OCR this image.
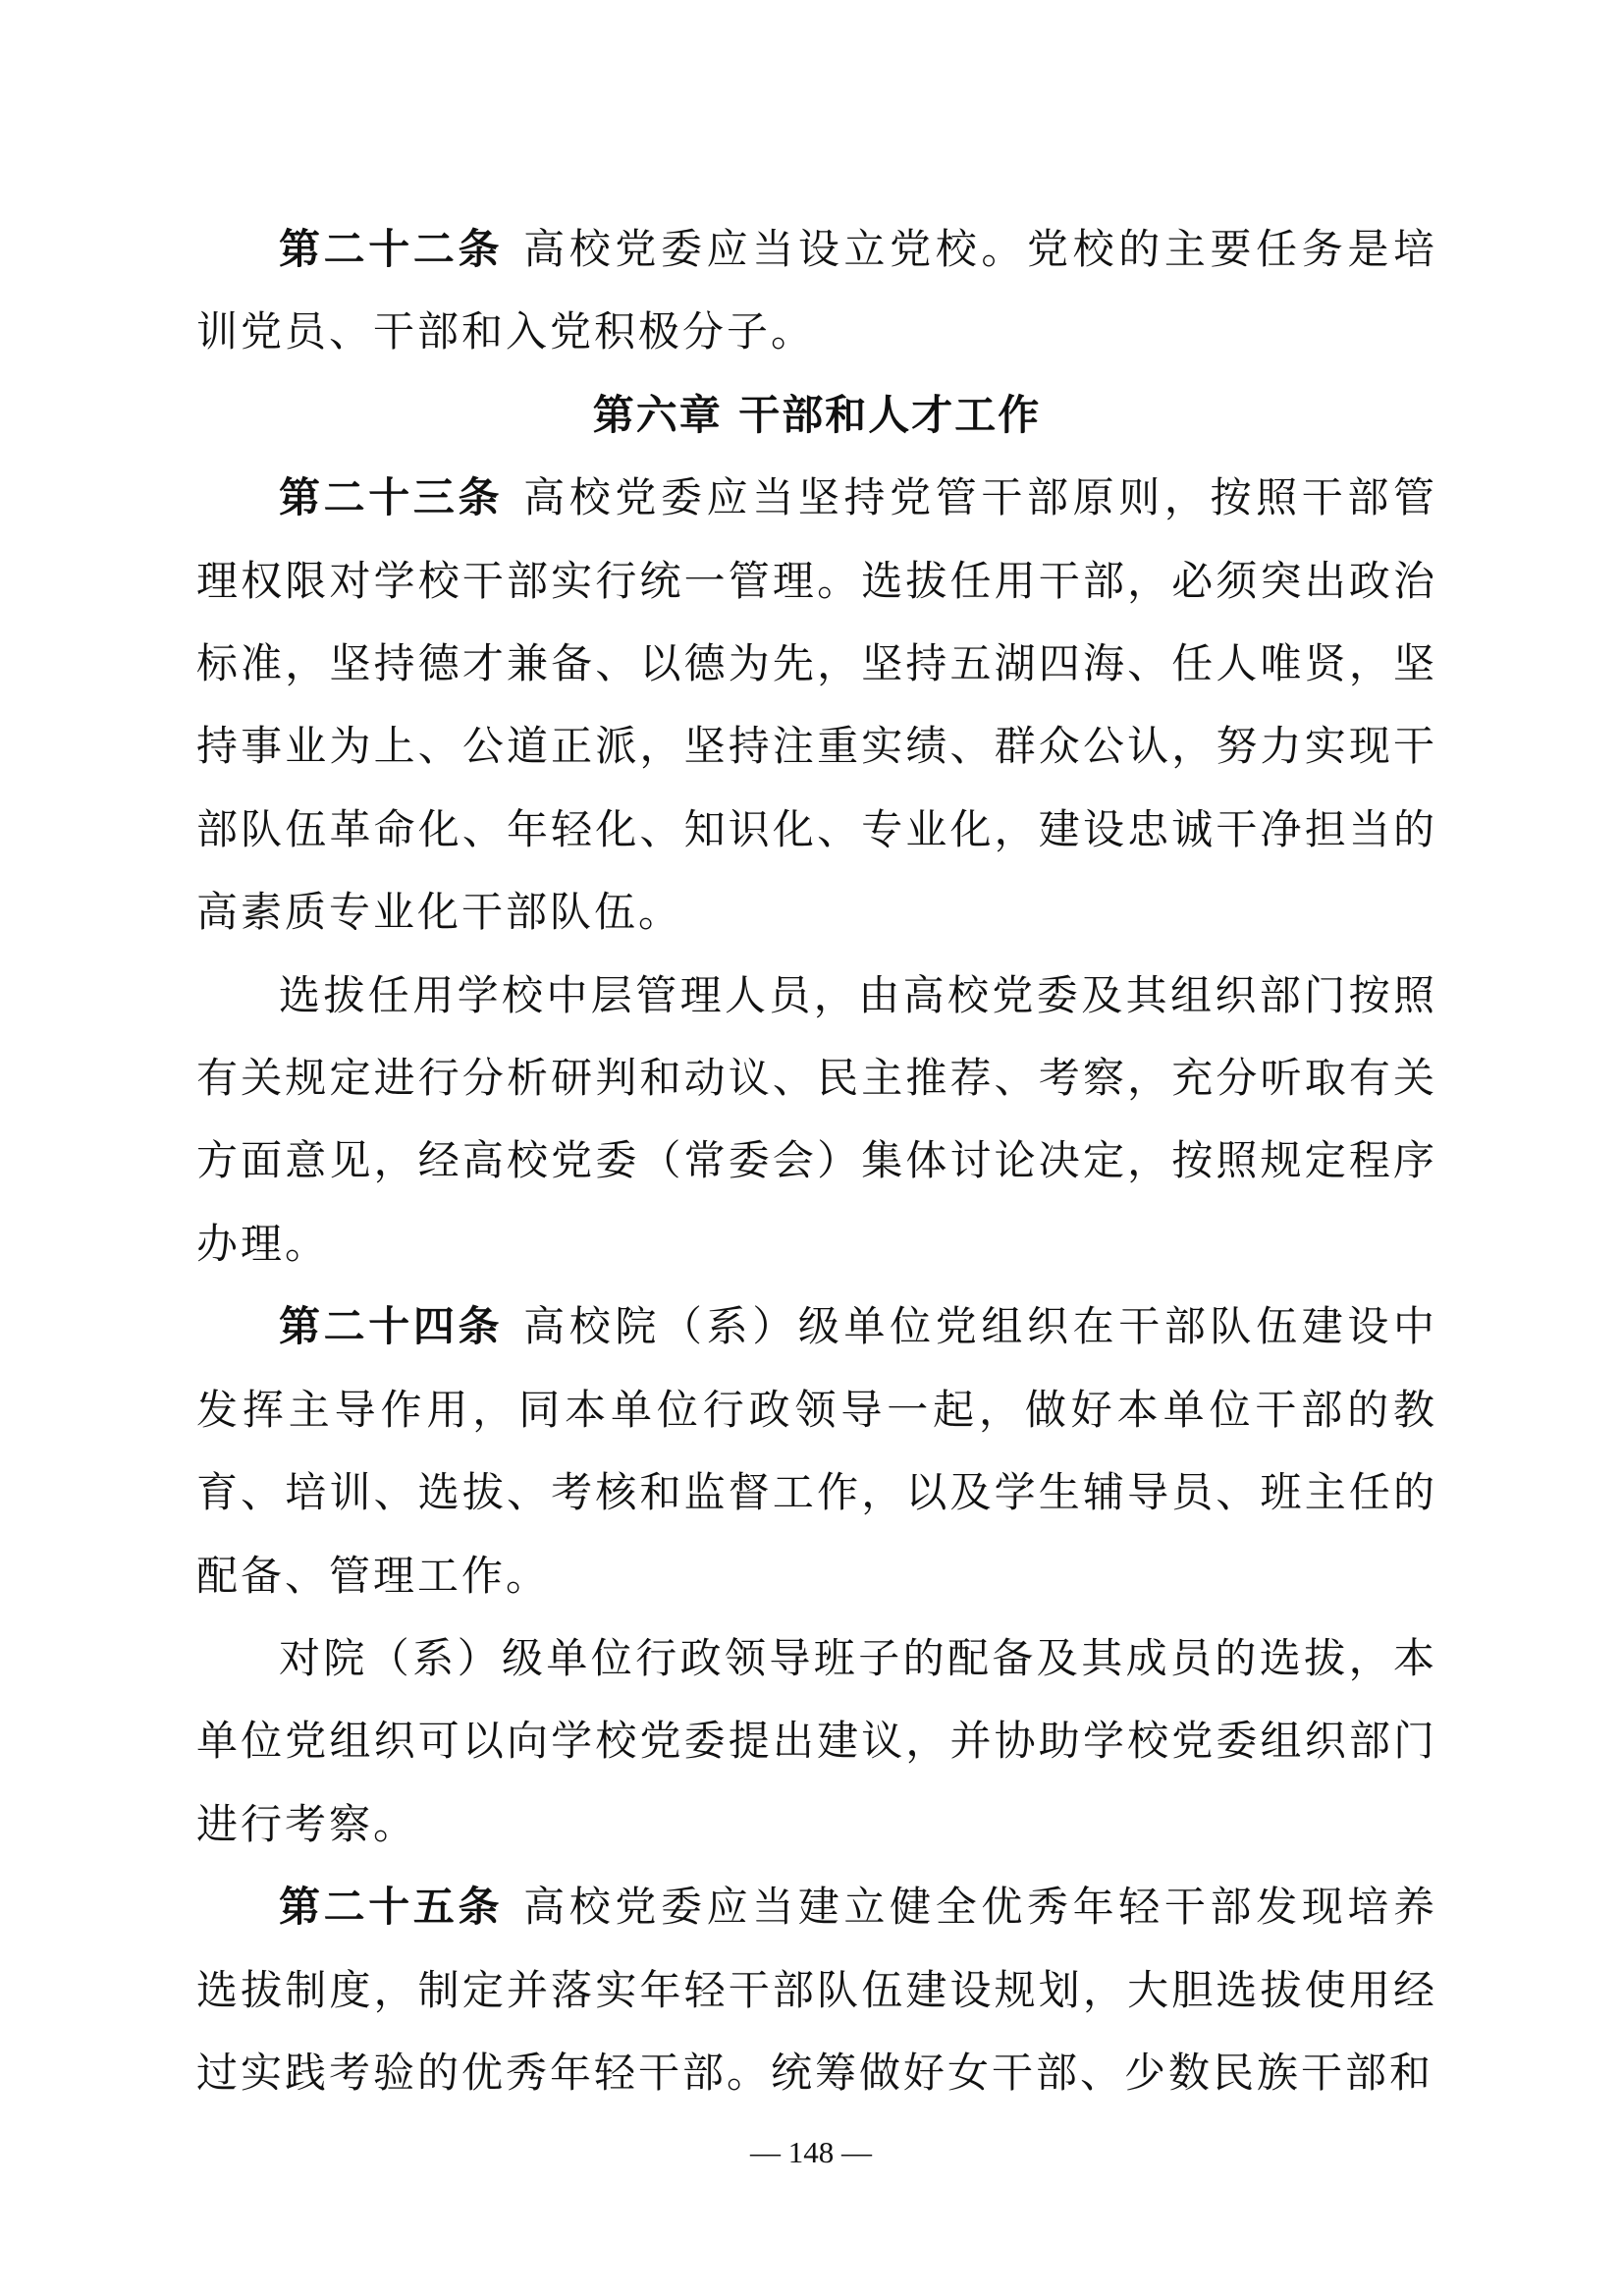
第二十二条 高校党委应当设立党校。党校的主要任务是培训党员、干部和入党积极分子。

第六章 干部和人才工作

第二十三条 高校党委应当坚持党管干部原则，按照干部管理权限对学校干部实行统一管理。选拔任用干部，必须突出政治标准，坚持德才兼备、以德为先，坚持五湖四海、任人唯贤，坚持事业为上、公道正派，坚持注重实绩、群众公认，努力实现干部队伍革命化、年轻化、知识化、专业化，建设忠诚干净担当的高素质专业化干部队伍。

选拔任用学校中层管理人员，由高校党委及其组织部门按照有关规定进行分析研判和动议、民主推荐、考察，充分听取有关方面意见，经高校党委（常委会）集体讨论决定，按照规定程序办理。

第二十四条 高校院（系）级单位党组织在干部队伍建设中发挥主导作用，同本单位行政领导一起，做好本单位干部的教育、培训、选拔、考核和监督工作，以及学生辅导员、班主任的配备、管理工作。

对院（系）级单位行政领导班子的配备及其成员的选拔，本单位党组织可以向学校党委提出建议，并协助学校党委组织部门进行考察。

第二十五条 高校党委应当建立健全优秀年轻干部发现培养选拔制度，制定并落实年轻干部队伍建设规划，大胆选拔使用经过实践考验的优秀年轻干部。统筹做好女干部、少数民族干部和

— 148 —
